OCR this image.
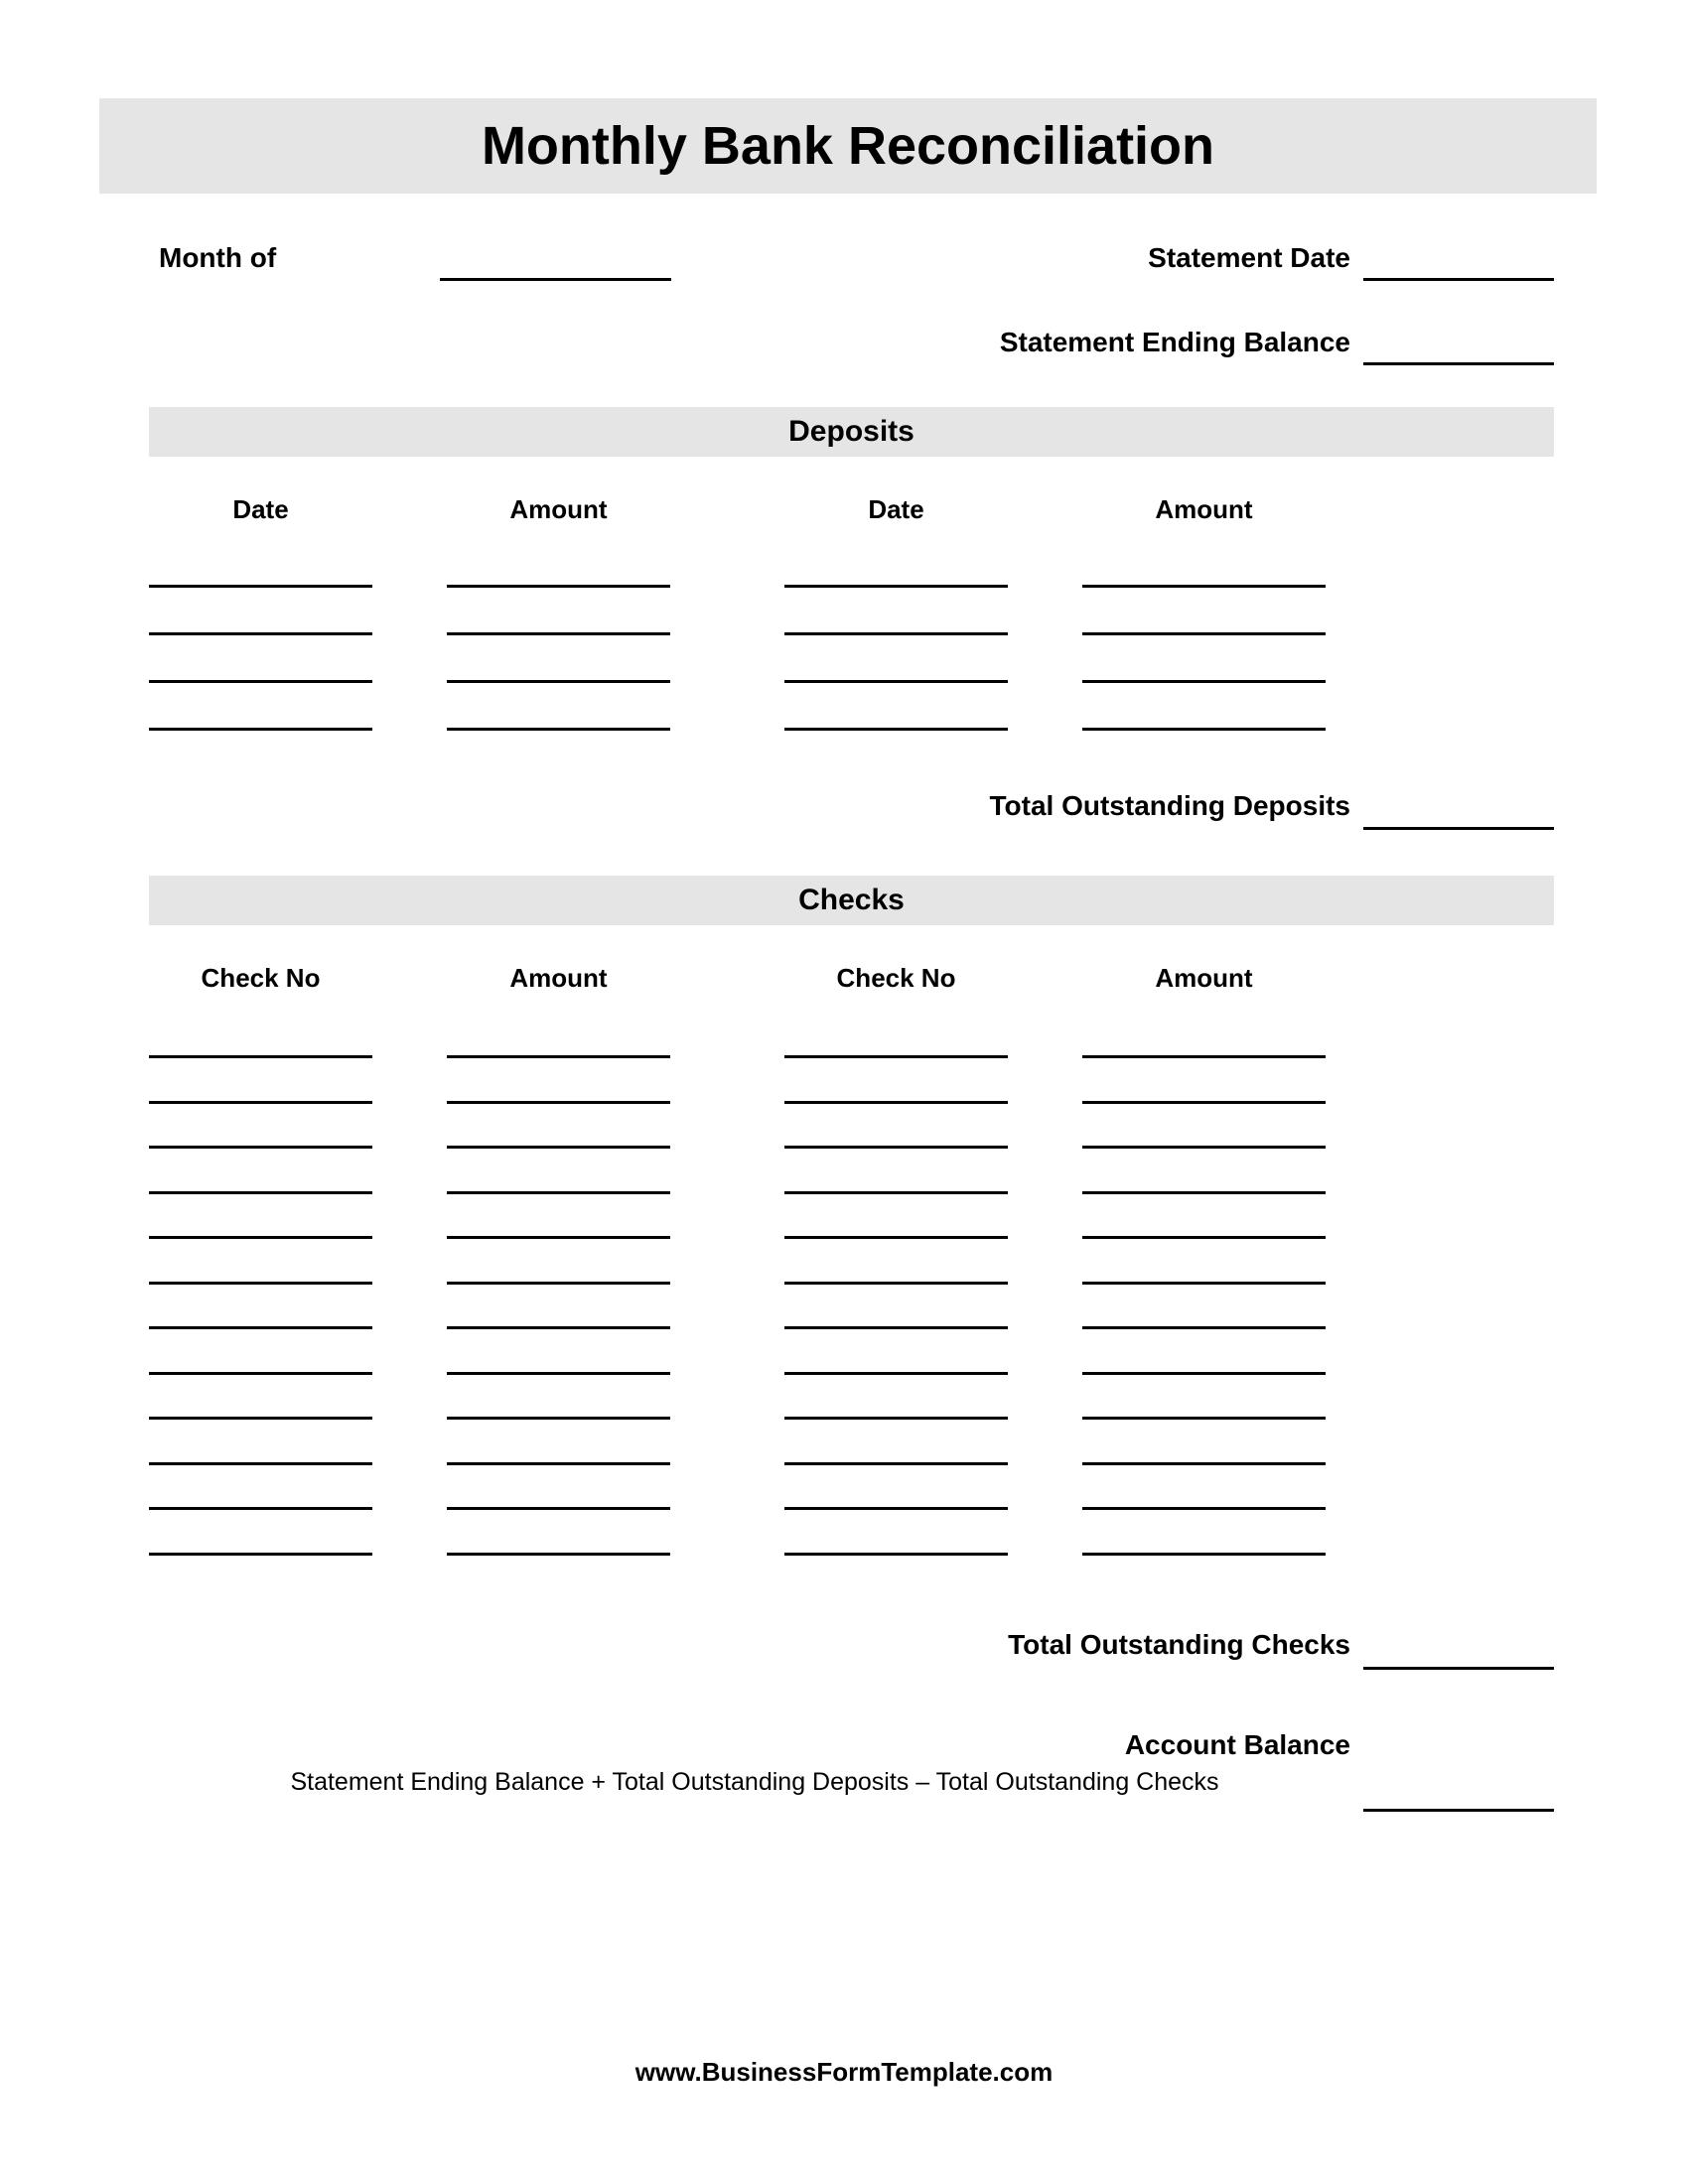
Monthly Bank Reconciliation
Month of	Statement Date
Statement Ending Balance
Deposits
Date	Amount	Date	Amount
Total Outstanding Deposits
Checks
Check No	Amount	Check No	Amount
Total Outstanding Checks
Account Balance
Statement Ending Balance + Total Outstanding Deposits – Total Outstanding Checks
www.BusinessFormTemplate.com
